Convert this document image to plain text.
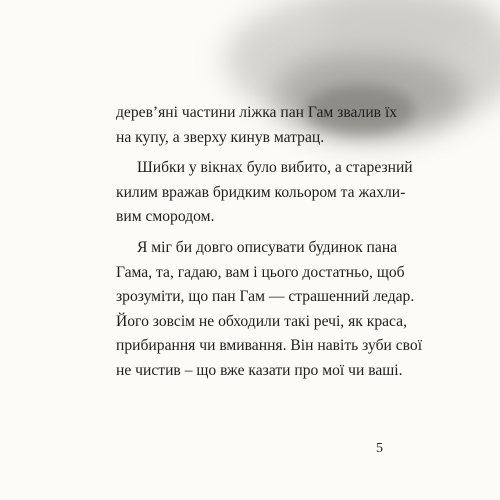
дерев’яні частини ліжка пан Гам звалив їх
на купу, а зверху кинув матрац.
Шибки у вікнах було вибито, а старезний
килим вражав бридким кольором та жахли-
вим смородом.
Я міг би довго описувати будинок пана
Гама, та, гадаю, вам і цього достатньо, щоб
зрозуміти, що пан Гам — страшенний ледар.
Його зовсім не обходили такі речі, як краса,
прибирання чи вмивання. Він навіть зуби свої
не чистив – що вже казати про мої чи ваші.
5
